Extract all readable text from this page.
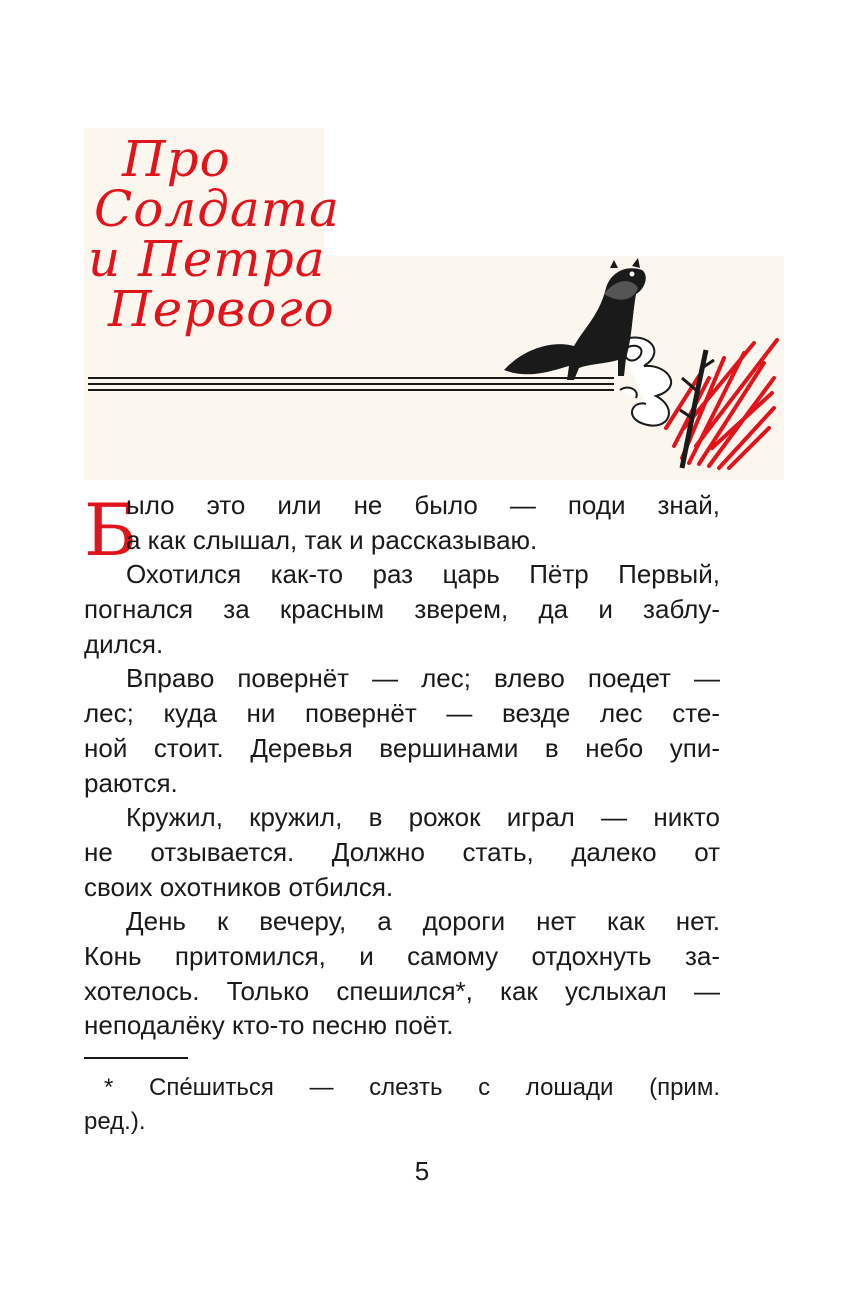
Про
Солдата
и Петра
Первого
Б
ыло это или не было — поди знай,
а как слышал, так и рассказываю.
Охотился как-то раз царь Пётр Первый,
погнался за красным зверем, да и заблу-
дился.
Вправо повернёт — лес; влево поедет —
лес; куда ни повернёт — везде лес сте-
ной стоит. Деревья вершинами в небо упи-
раются.
Кружил, кружил, в рожок играл — никто
не отзывается. Должно стать, далеко от
своих охотников отбился.
День к вечеру, а дороги нет как нет.
Конь притомился, и самому отдохнуть за-
хотелось. Только спешился*, как услыхал —
неподалёку кто-то песню поёт.
* Спе́шиться — слезть с лошади (прим.
ред.).
5
